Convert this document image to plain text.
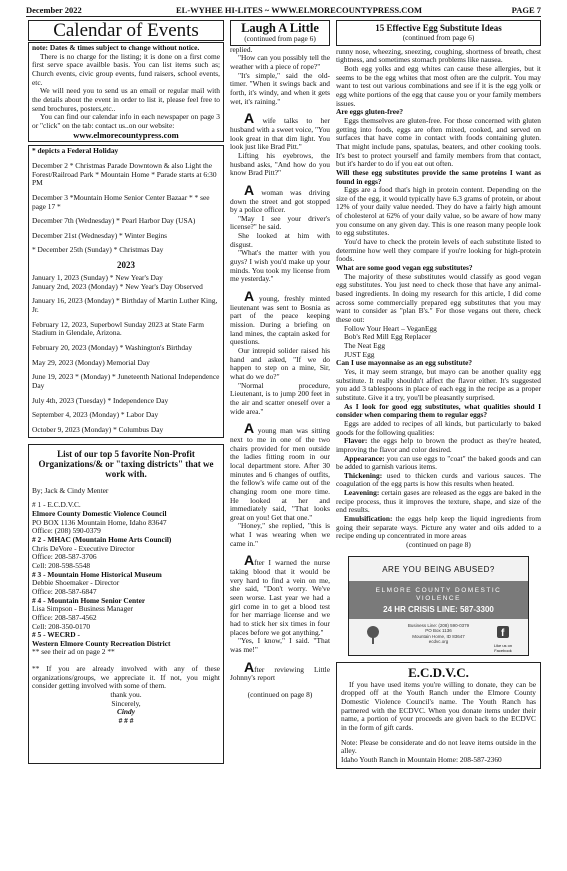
December 2022	EL-WYHEE HI-LITES ~ WWW.ELMORECOUNTYPRESS.COM	PAGE 7
Calendar of Events
note: Dates & times subject to change without notice.
There is no charge for the listing; it is done on a first come first serve space availble basis. You can list items such as; Church events, civic group events, fund raisers, school events, etc.
We will need you to send us an email or regular mail with the details about the event in order to list it, please feel free to send brochures, posters,etc..
You can find our calendar info in each newspaper on page 3 or "click" on the tab: contact us..on our website:
www.elmorecountypress.com
* depicts a Federal Holiday
December 2 * Christmas Parade Downtown & also Light the Forest/Railroad Park * Mountain Home * Parade starts at 6:30 PM
December 3 *Mountain Home Senior Center Bazaar * * see page 17 *
December 7th (Wednesday) * Pearl Harbor Day (USA)
December 21st (Wednesday) * Winter Begins
* December 25th (Sunday) * Christmas Day
2023
January 1, 2023 (Sunday) * New Year's Day
January 2nd, 2023 (Monday) * New Year's Day Observed
January 16, 2023 (Monday) * Birthday of Martin Luther King, Jr.
February 12, 2023, Superbowl Sunday 2023 at State Farm Stadium in Glendale, Arizona.
February 20, 2023 (Monday) * Washington's Birthday
May 29, 2023 (Monday) Memorial Day
June 19, 2023 * (Monday) * Juneteenth National Independence Day
July 4th, 2023 (Tuesday) * Independence Day
September 4, 2023 (Monday) * Labor Day
October 9, 2023 (Monday) * Columbus Day
List of our top 5 favorite Non-Profit Organizations/& or "taxing districts" that we work with.
By; Jack & Cindy Menter
# 1 - E.C.D.V.C.
Elmore County Domestic Violence Council
PO BOX 1136 Mountain Home, Idaho 83647
Office: (208) 590-0379
# 2 - MHAC (Mountain Home Arts Council)
Chris DeVore - Executive Director
Office: 208-587-3706
Cell: 208-598-5548
# 3 - Mountain Home Historical Museum
Debbie Shoemaker - Director
Office: 208-587-6847
# 4 - Mountain Home Senior Center
Lisa Simpson - Business Manager
Office: 208-587-4562
Cell: 208-350-0170
# 5 - WECRD -
Western Elmore County Recreation District
** see their ad on page 2 **
** If you are already involved with any of these organizations/groups, we appreciate it. If not, you might consider getting involved with some of them.
thank you.
Sincerely,
Cindy
# # #
Laugh A Little
(continued from page 6)
replied.
"How can you possibly tell the weather with a piece of rope?"
"It's simple," said the old-timer. "When it swings back and forth, it's windy, and when it gets wet, it's raining."
A wife talks to her husband with a sweet voice, "You look great in that dim light. You look just like Brad Pitt."
Lifting his eyebrows, the husband asks, "And how do you know Brad Pitt?"
A woman was driving down the street and got stopped by a police officer.
"May I see your driver's license?" he said.
She looked at him with disgust.
"What's the matter with you guys? I wish you'd make up your minds. You took my license from me yesterday."
A young, freshly minted lieutenant was sent to Bosnia as part of the peace keeping mission. During a briefing on land mines, the captain asked for questions.
Our intrepid solider raised his hand and asked, "If we do happen to step on a mine, Sir, what do we do?"
"Normal procedure, Lieutenant, is to jump 200 feet in the air and scatter oneself over a wide area."
A young man was sitting next to me in one of the two chairs provided for men outside the ladies fitting room in our local department store. After 30 minutes and 6 changes of outfits, the fellow's wife came out of the changing room one more time. He looked at her and immediately said, "That looks great on you! Get that one."
"Honey," she replied, "this is what I was wearing when we came in."
After I warned the nurse taking blood that it would be very hard to find a vein on me, she said, "Don't worry. We've seen worse. Last year we had a girl come in to get a blood test for her marriage license and we had to stick her six times in four places before we got anything."
"Yes, I know," I said. "That was me!"
After reviewing Little Johnny's report
(continued on page 8)
15 Effective Egg Substitute Ideas
(continued from page 6)
runny nose, wheezing, sneezing, coughing, shortness of breath, chest tightness, and sometimes stomach problems like nausea.
Both egg yolks and egg whites can cause these allergies, but it seems to be the egg whites that most often are the culprit. You may want to test out various combinations and see if it is the egg yolk or egg white portions of the egg that cause you or your family members issues.
Are eggs gluten-free?
Eggs themselves are gluten-free. For those concerned with gluten getting into foods, eggs are often mixed, cooked, and served on surfaces that have come in contact with foods containing gluten. That might include pans, spatulas, beaters, and other cooking tools. It's best to protect yourself and family members from that contact, but it's harder to do if you eat out often.
Will these egg substitutes provide the same proteins I want as found in eggs?
Eggs are a food that's high in protein content. Depending on the size of the egg, it would typically have 6.3 grams of protein, or about 12% of your daily value needed. They do have a fairly high amount of cholesterol at 62% of your daily value, so be aware of how many you consume on any given day. This is one reason many people look to egg substitutes.
You'd have to check the protein levels of each substitute listed to determine how well they compare if you're looking for high-protein foods.
What are some good vegan egg substitutes?
The majority of these substitutes would classify as good vegan egg substitutes. You just need to check those that have any animal-based ingredients. In doing my research for this article, I did come across some commercially prepared egg substitutes that you may want to consider as "plan B's." For those vegans out there, check these out:
Follow Your Heart – VeganEgg
Bob's Red Mill Egg Replacer
The Neat Egg
JUST Egg
Can I use mayonnaise as an egg substitute?
Yes, it may seem strange, but mayo can be another quality egg substitute. It really shouldn't affect the flavor either. It's suggested you add 3 tablespoons in place of each egg in the recipe as a proper substitute. Give it a try, you'll be pleasantly surprised.
As I look for good egg substitutes, what qualities should I consider when comparing them to regular eggs?
Eggs are added to recipes of all kinds, but particularly to baked goods for the following qualities:
Flavor: the eggs help to brown the product as they're heated, improving the flavor and color desired.
Appearance: you can use eggs to "coat" the baked goods and can be added to garnish various items.
Thickening: used to thicken curds and various sauces. The coagulation of the egg parts is how this results when heated.
Leavening: certain gases are released as the eggs are baked in the recipe process, thus it improves the texture, shape, and size of the end results.
Emulsification: the eggs help keep the liquid ingredients from going their separate ways. Picture any water and oils added to a recipe ending up concentrated in more areas
(continued on page 8)
ARE YOU BEING ABUSED?
ELMORE COUNTY DOMESTIC
VIOLENCE
24 HR CRISIS LINE: 587-3300
Business Line: (208) 590-0379
PO Box 1136
Mountain Home, ID 83647
ecdvc.org
f
Like us on Facebook
E.C.D.V.C.
If you have used items you're willing to donate, they can be dropped off at the Youth Ranch under the Elmore County Domestic Violence Council's name. The Youth Ranch has partnered with the ECDVC. When you donate items under their name, a portion of your proceeds are given back to the ECDVC in the form of gift cards.
Note: Please be considerate and do not leave items outside in the alley.
Idaho Youth Ranch in Mountain Home: 208-587-2360
